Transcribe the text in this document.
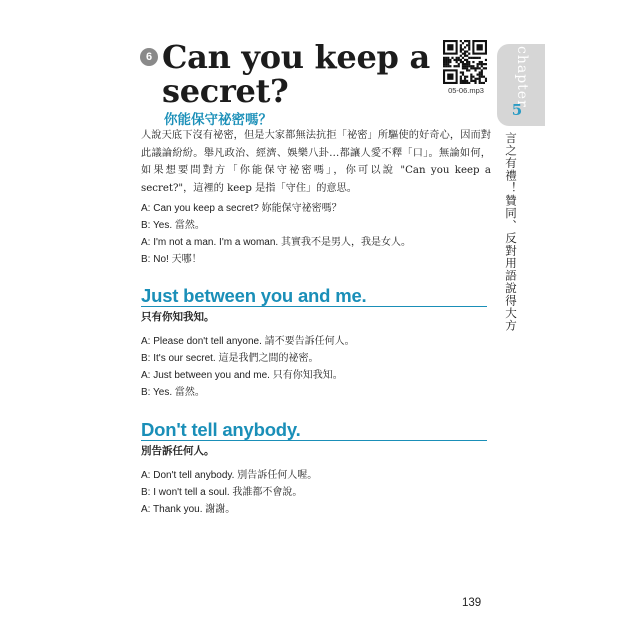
6 Can you keep a secret?
你能保守祕密嗎？
05-06.mp3	chapter
5
言之有禮！贊同、反對用語說得大方
人說天底下沒有祕密，但是大家都無法抗拒「祕密」所驅使的好奇心，因而對此議論紛紛。舉凡政治、經濟、娛樂八卦…都讓人愛不釋「口」。無論如何，如果想要問對方「你能保守祕密嗎」，你可以說 "Can you keep a secret?"，這裡的 keep 是指「守住」的意思。
A: Can you keep a secret? 妳能保守祕密嗎？
B: Yes. 當然。
A: I'm not a man. I'm a woman. 其實我不是男人，我是女人。
B: No! 天哪！
Just between you and me.
只有你知我知。
A: Please don't tell anyone. 請不要告訴任何人。
B: It's our secret. 這是我們之間的祕密。
A: Just between you and me. 只有你知我知。
B: Yes. 當然。
Don't tell anybody.
別告訴任何人。
A: Don't tell anybody. 別告訴任何人喔。
B: I won't tell a soul. 我誰都不會說。
A: Thank you. 謝謝。
139
